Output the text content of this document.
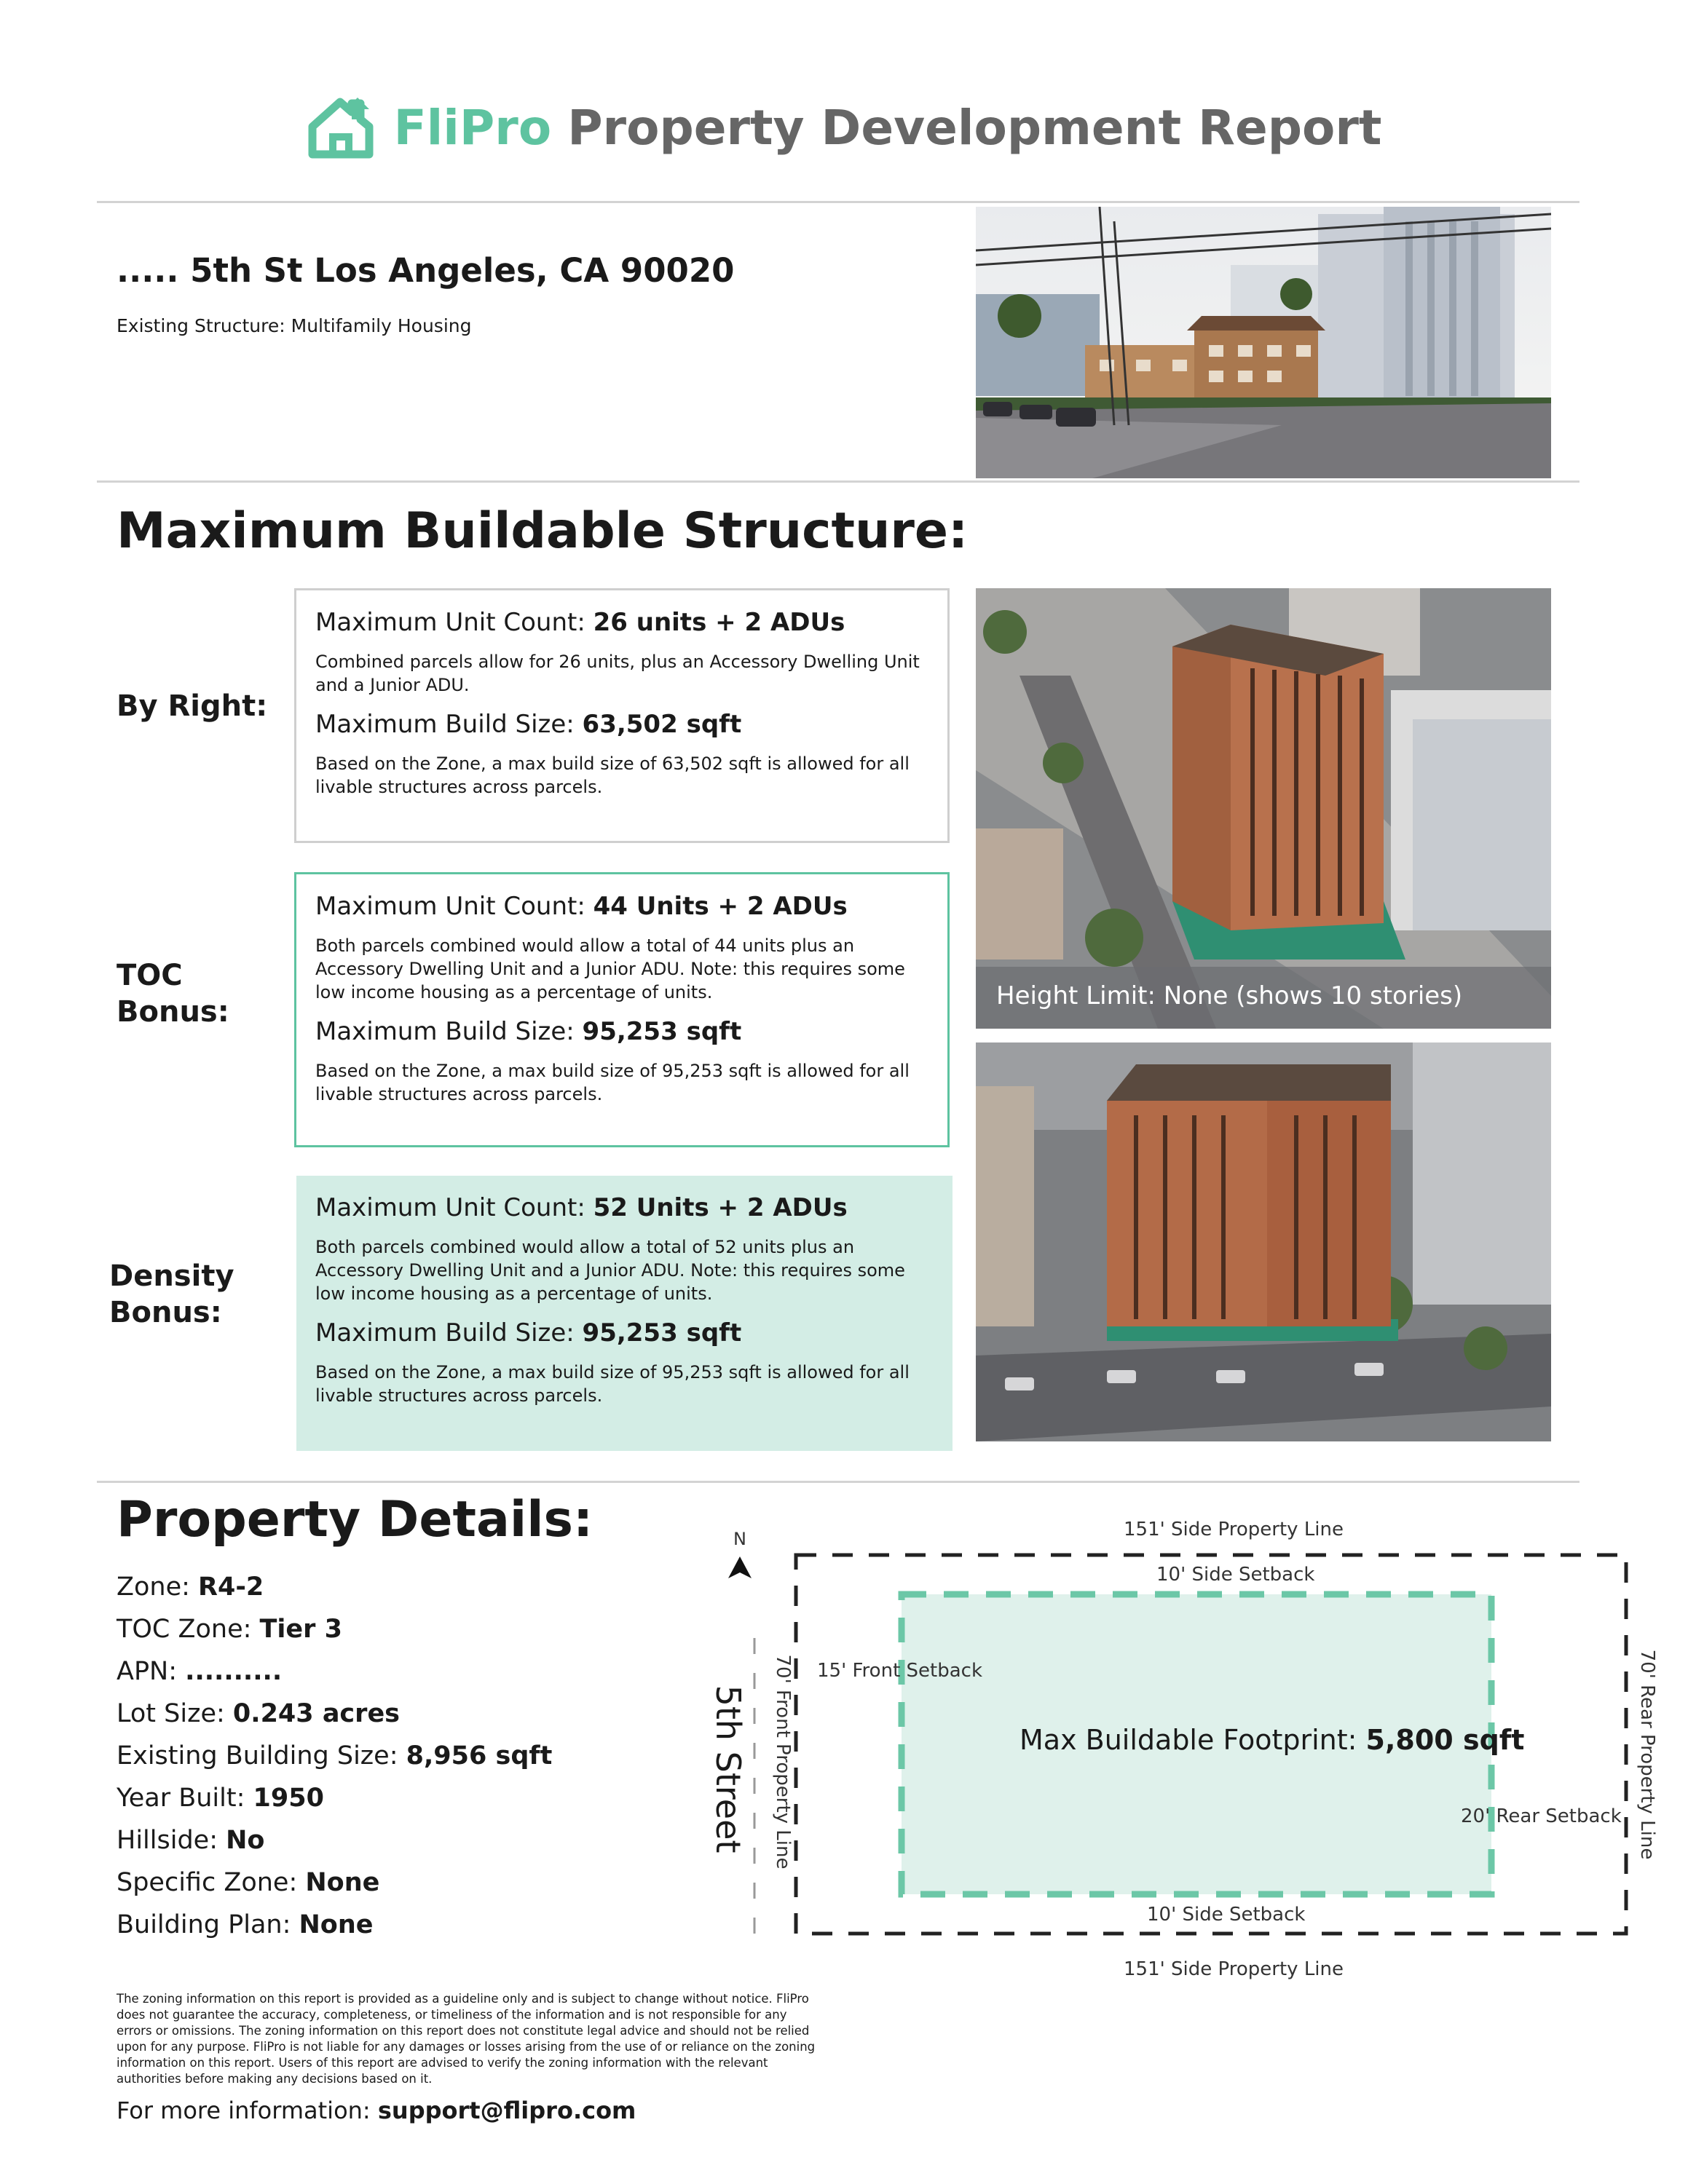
FliPro Property Development Report
..... 5th St Los Angeles, CA 90020
Existing Structure: Multifamily Housing
Maximum Buildable Structure:
By Right:
Maximum Unit Count: 26 units + 2 ADUs
Combined parcels allow for 26 units, plus an Accessory Dwelling Unit and a Junior ADU.
Maximum Build Size: 63,502 sqft
Based on the Zone, a max build size of 63,502 sqft is allowed for all livable structures across parcels.
TOC
Bonus:
Maximum Unit Count: 44 Units + 2 ADUs
Both parcels combined would allow a total of 44 units plus an Accessory Dwelling Unit and a Junior ADU. Note: this requires some low income housing as a percentage of units.
Maximum Build Size: 95,253 sqft
Based on the Zone, a max build size of 95,253 sqft is allowed for all livable structures across parcels.
Density
Bonus:
Maximum Unit Count: 52 Units + 2 ADUs
Both parcels combined would allow a total of 52 units plus an Accessory Dwelling Unit and a Junior ADU. Note: this requires some low income housing as a percentage of units.
Maximum Build Size: 95,253 sqft
Based on the Zone, a max build size of 95,253 sqft is allowed for all livable structures across parcels.
Height Limit: None (shows 10 stories)
Property Details:
Zone: R4-2
TOC Zone: Tier 3
APN: ..........
Lot Size: 0.243 acres
Existing Building Size: 8,956 sqft
Year Built: 1950
Hillside: No
Specific Zone: None
Building Plan: None
N	151' Side Property Line
10' Side Setback
15' Front Setback
Max Buildable Footprint: 5,800 sqft
20' Rear Setback
10' Side Setback
151' Side Property Line
5th Street 70' Front Property Line	70' Rear Property Line
The zoning information on this report is provided as a guideline only and is subject to change without notice. FliPro does not guarantee the accuracy, completeness, or timeliness of the information and is not responsible for any errors or omissions. The zoning information on this report does not constitute legal advice and should not be relied upon for any purpose. FliPro is not liable for any damages or losses arising from the use of or reliance on the zoning information on this report. Users of this report are advised to verify the zoning information with the relevant authorities before making any decisions based on it.
For more information: support@flipro.com
